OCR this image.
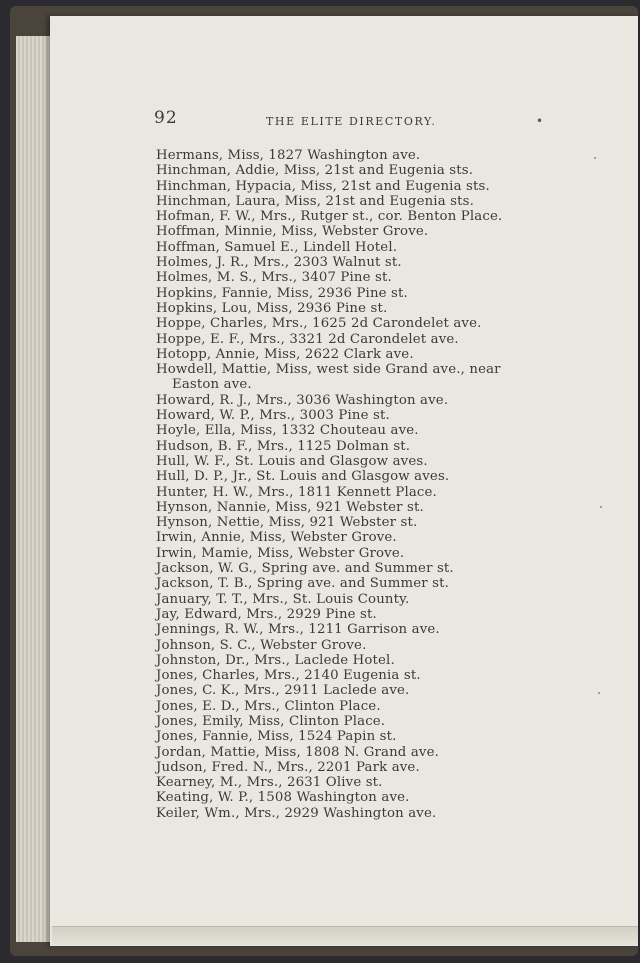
92	THE ELITE DIRECTORY.	•
Hermans, Miss, 1827 Washington ave.
Hinchman, Addie, Miss, 21st and Eugenia sts.
Hinchman, Hypacia, Miss, 21st and Eugenia sts.
Hinchman, Laura, Miss, 21st and Eugenia sts.
Hofman, F. W., Mrs., Rutger st., cor. Benton Place.
Hoffman, Minnie, Miss, Webster Grove.
Hoffman, Samuel E., Lindell Hotel.
Holmes, J. R., Mrs., 2303 Walnut st.
Holmes, M. S., Mrs., 3407 Pine st.
Hopkins, Fannie, Miss, 2936 Pine st.
Hopkins, Lou, Miss, 2936 Pine st.
Hoppe, Charles, Mrs., 1625 2d Carondelet ave.
Hoppe, E. F., Mrs., 3321 2d Carondelet ave.
Hotopp, Annie, Miss, 2622 Clark ave.
Howdell, Mattie, Miss, west side Grand ave., near
Easton ave.
Howard, R. J., Mrs., 3036 Washington ave.
Howard, W. P., Mrs., 3003 Pine st.
Hoyle, Ella, Miss, 1332 Chouteau ave.
Hudson, B. F., Mrs., 1125 Dolman st.
Hull, W. F., St. Louis and Glasgow aves.
Hull, D. P., Jr., St. Louis and Glasgow aves.
Hunter, H. W., Mrs., 1811 Kennett Place.
Hynson, Nannie, Miss, 921 Webster st.
Hynson, Nettie, Miss, 921 Webster st.
Irwin, Annie, Miss, Webster Grove.
Irwin, Mamie, Miss, Webster Grove.
Jackson, W. G., Spring ave. and Summer st.
Jackson, T. B., Spring ave. and Summer st.
January, T. T., Mrs., St. Louis County.
Jay, Edward, Mrs., 2929 Pine st.
Jennings, R. W., Mrs., 1211 Garrison ave.
Johnson, S. C., Webster Grove.
Johnston, Dr., Mrs., Laclede Hotel.
Jones, Charles, Mrs., 2140 Eugenia st.
Jones, C. K., Mrs., 2911 Laclede ave.
Jones, E. D., Mrs., Clinton Place.
Jones, Emily, Miss, Clinton Place.
Jones, Fannie, Miss, 1524 Papin st.
Jordan, Mattie, Miss, 1808 N. Grand ave.
Judson, Fred. N., Mrs., 2201 Park ave.
Kearney, M., Mrs., 2631 Olive st.
Keating, W. P., 1508 Washington ave.
Keiler, Wm., Mrs., 2929 Washington ave.
